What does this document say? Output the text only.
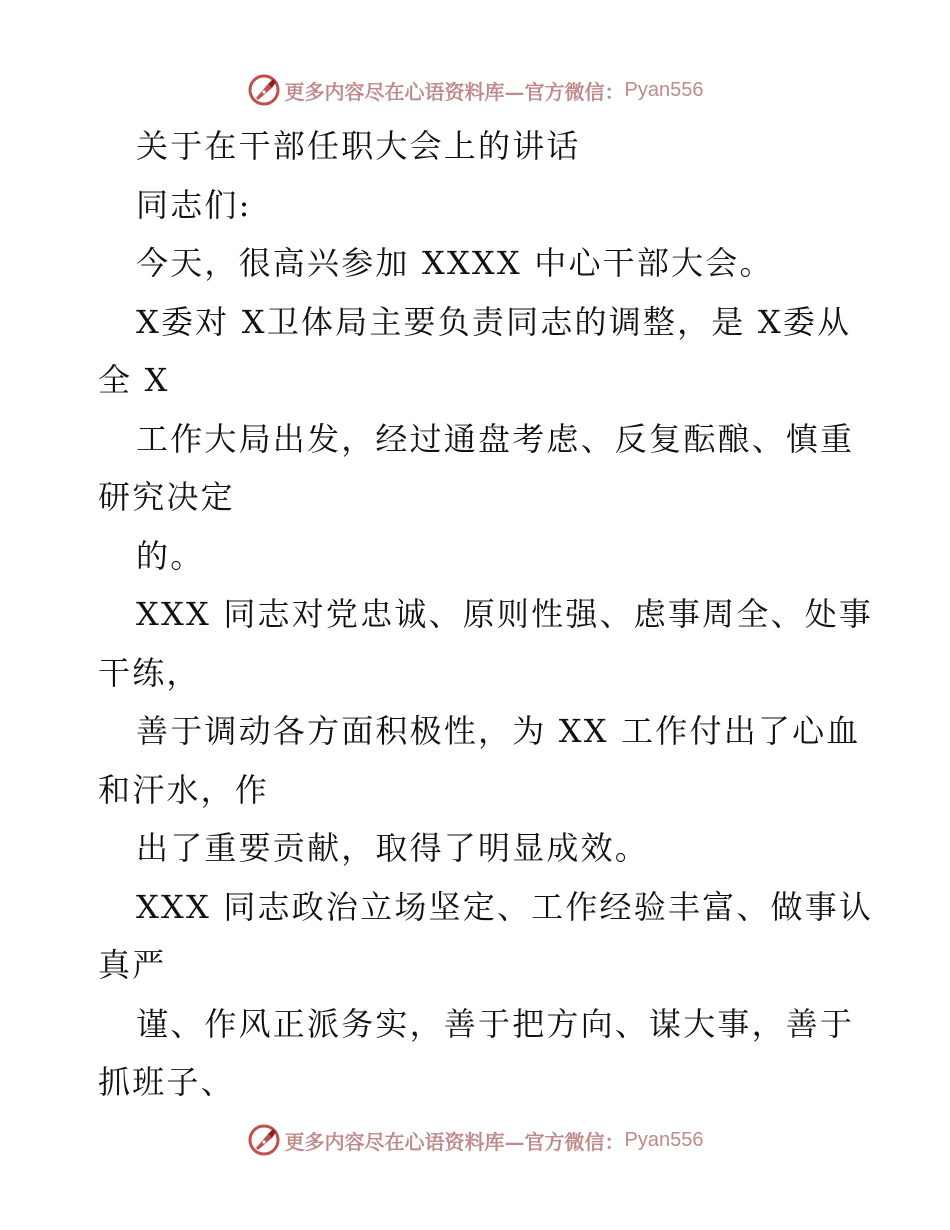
更多内容尽在心语资料库—官方微信： Pyan556
关于在干部任职大会上的讲话
同志们:
今天，很高兴参加 XXXX 中心干部大会。
X委对 X卫体局主要负责同志的调整，是 X委从
全 X
工作大局出发，经过通盘考虑、反复酝酿、慎重
研究决定
的。
XXX 同志对党忠诚、原则性强、虑事周全、处事
干练，
善于调动各方面积极性，为 XX 工作付出了心血
和汗水，作
出了重要贡献，取得了明显成效。
XXX 同志政治立场坚定、工作经验丰富、做事认
真严
谨、作风正派务实，善于把方向、谋大事，善于
抓班子、
更多内容尽在心语资料库—官方微信： Pyan556
